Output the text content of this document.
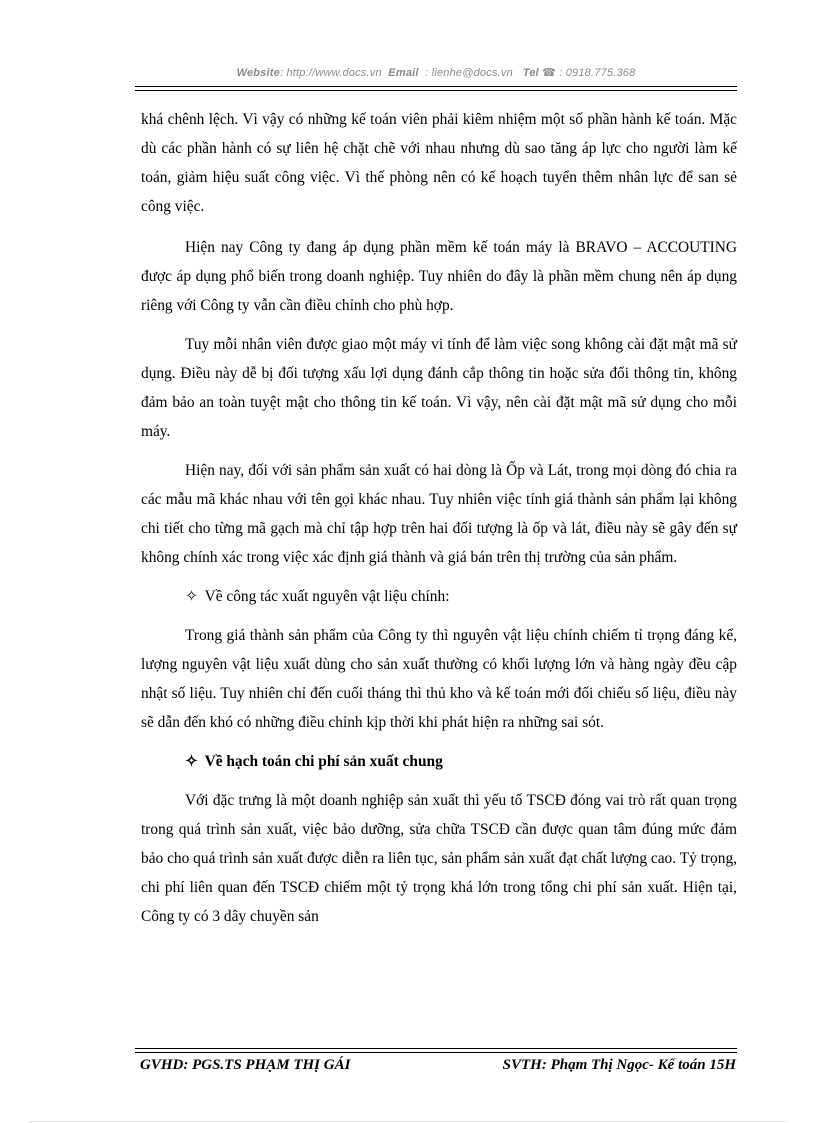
Website: http://www.docs.vn Email : lienhe@docs.vn Tel ☎ : 0918.775.368

khá chênh lệch. Vì vậy có những kế toán viên phải kiêm nhiệm một số phần hành kế toán. Mặc dù các phần hành có sự liên hệ chặt chẽ với nhau nhưng dù sao tăng áp lực cho người làm kế toán, giảm hiệu suất công việc. Vì thế phòng nên có kế hoạch tuyển thêm nhân lực để san sẻ công việc.

Hiện nay Công ty đang áp dụng phần mềm kế toán máy là BRAVO – ACCOUTING được áp dụng phổ biến trong doanh nghiệp. Tuy nhiên do đây là phần mềm chung nên áp dụng riêng với Công ty vẫn cần điều chỉnh cho phù hợp.

Tuy mỗi nhân viên được giao một máy vi tính để làm việc song không cài đặt mật mã sử dụng. Điều này dễ bị đối tượng xấu lợi dụng đánh cắp thông tin hoặc sửa đổi thông tin, không đảm bảo an toàn tuyệt mật cho thông tin kế toán. Vì vậy, nên cài đặt mật mã sử dụng cho mỗi máy.

Hiện nay, đối với sản phẩm sản xuất có hai dòng là Ốp và Lát, trong mọi dòng đó chia ra các mẫu mã khác nhau với tên gọi khác nhau. Tuy nhiên việc tính giá thành sản phẩm lại không chi tiết cho từng mã gạch mà chỉ tập hợp trên hai đối tượng là ốp và lát, điều này sẽ gây đến sự không chính xác trong việc xác định giá thành và giá bán trên thị trường của sản phẩm.

✧ Về công tác xuất nguyên vật liệu chính:

Trong giá thành sản phẩm của Công ty thì nguyên vật liệu chính chiếm tỉ trọng đáng kể, lượng nguyên vật liệu xuất dùng cho sản xuất thường có khối lượng lớn và hàng ngày đều cập nhật số liệu. Tuy nhiên chỉ đến cuối tháng thì thủ kho và kế toán mới đối chiếu số liệu, điều này sẽ dẫn đến khó có những điều chỉnh kịp thời khi phát hiện ra những sai sót.

✧ Về hạch toán chi phí sản xuất chung

Với đặc trưng là một doanh nghiệp sản xuất thì yếu tố TSCĐ đóng vai trò rất quan trọng trong quá trình sản xuất, việc bảo dưỡng, sửa chữa TSCĐ cần được quan tâm đúng mức đảm bảo cho quá trình sản xuất được diễn ra liên tục, sản phẩm sản xuất đạt chất lượng cao. Tỷ trọng, chi phí liên quan đến TSCĐ chiếm một tỷ trọng khá lớn trong tổng chi phí sản xuất. Hiện tại, Công ty có 3 dây chuyền sản

GVHD: PGS.TS PHẠM THỊ GÁI	SVTH: Phạm Thị Ngọc- Kế toán 15H
